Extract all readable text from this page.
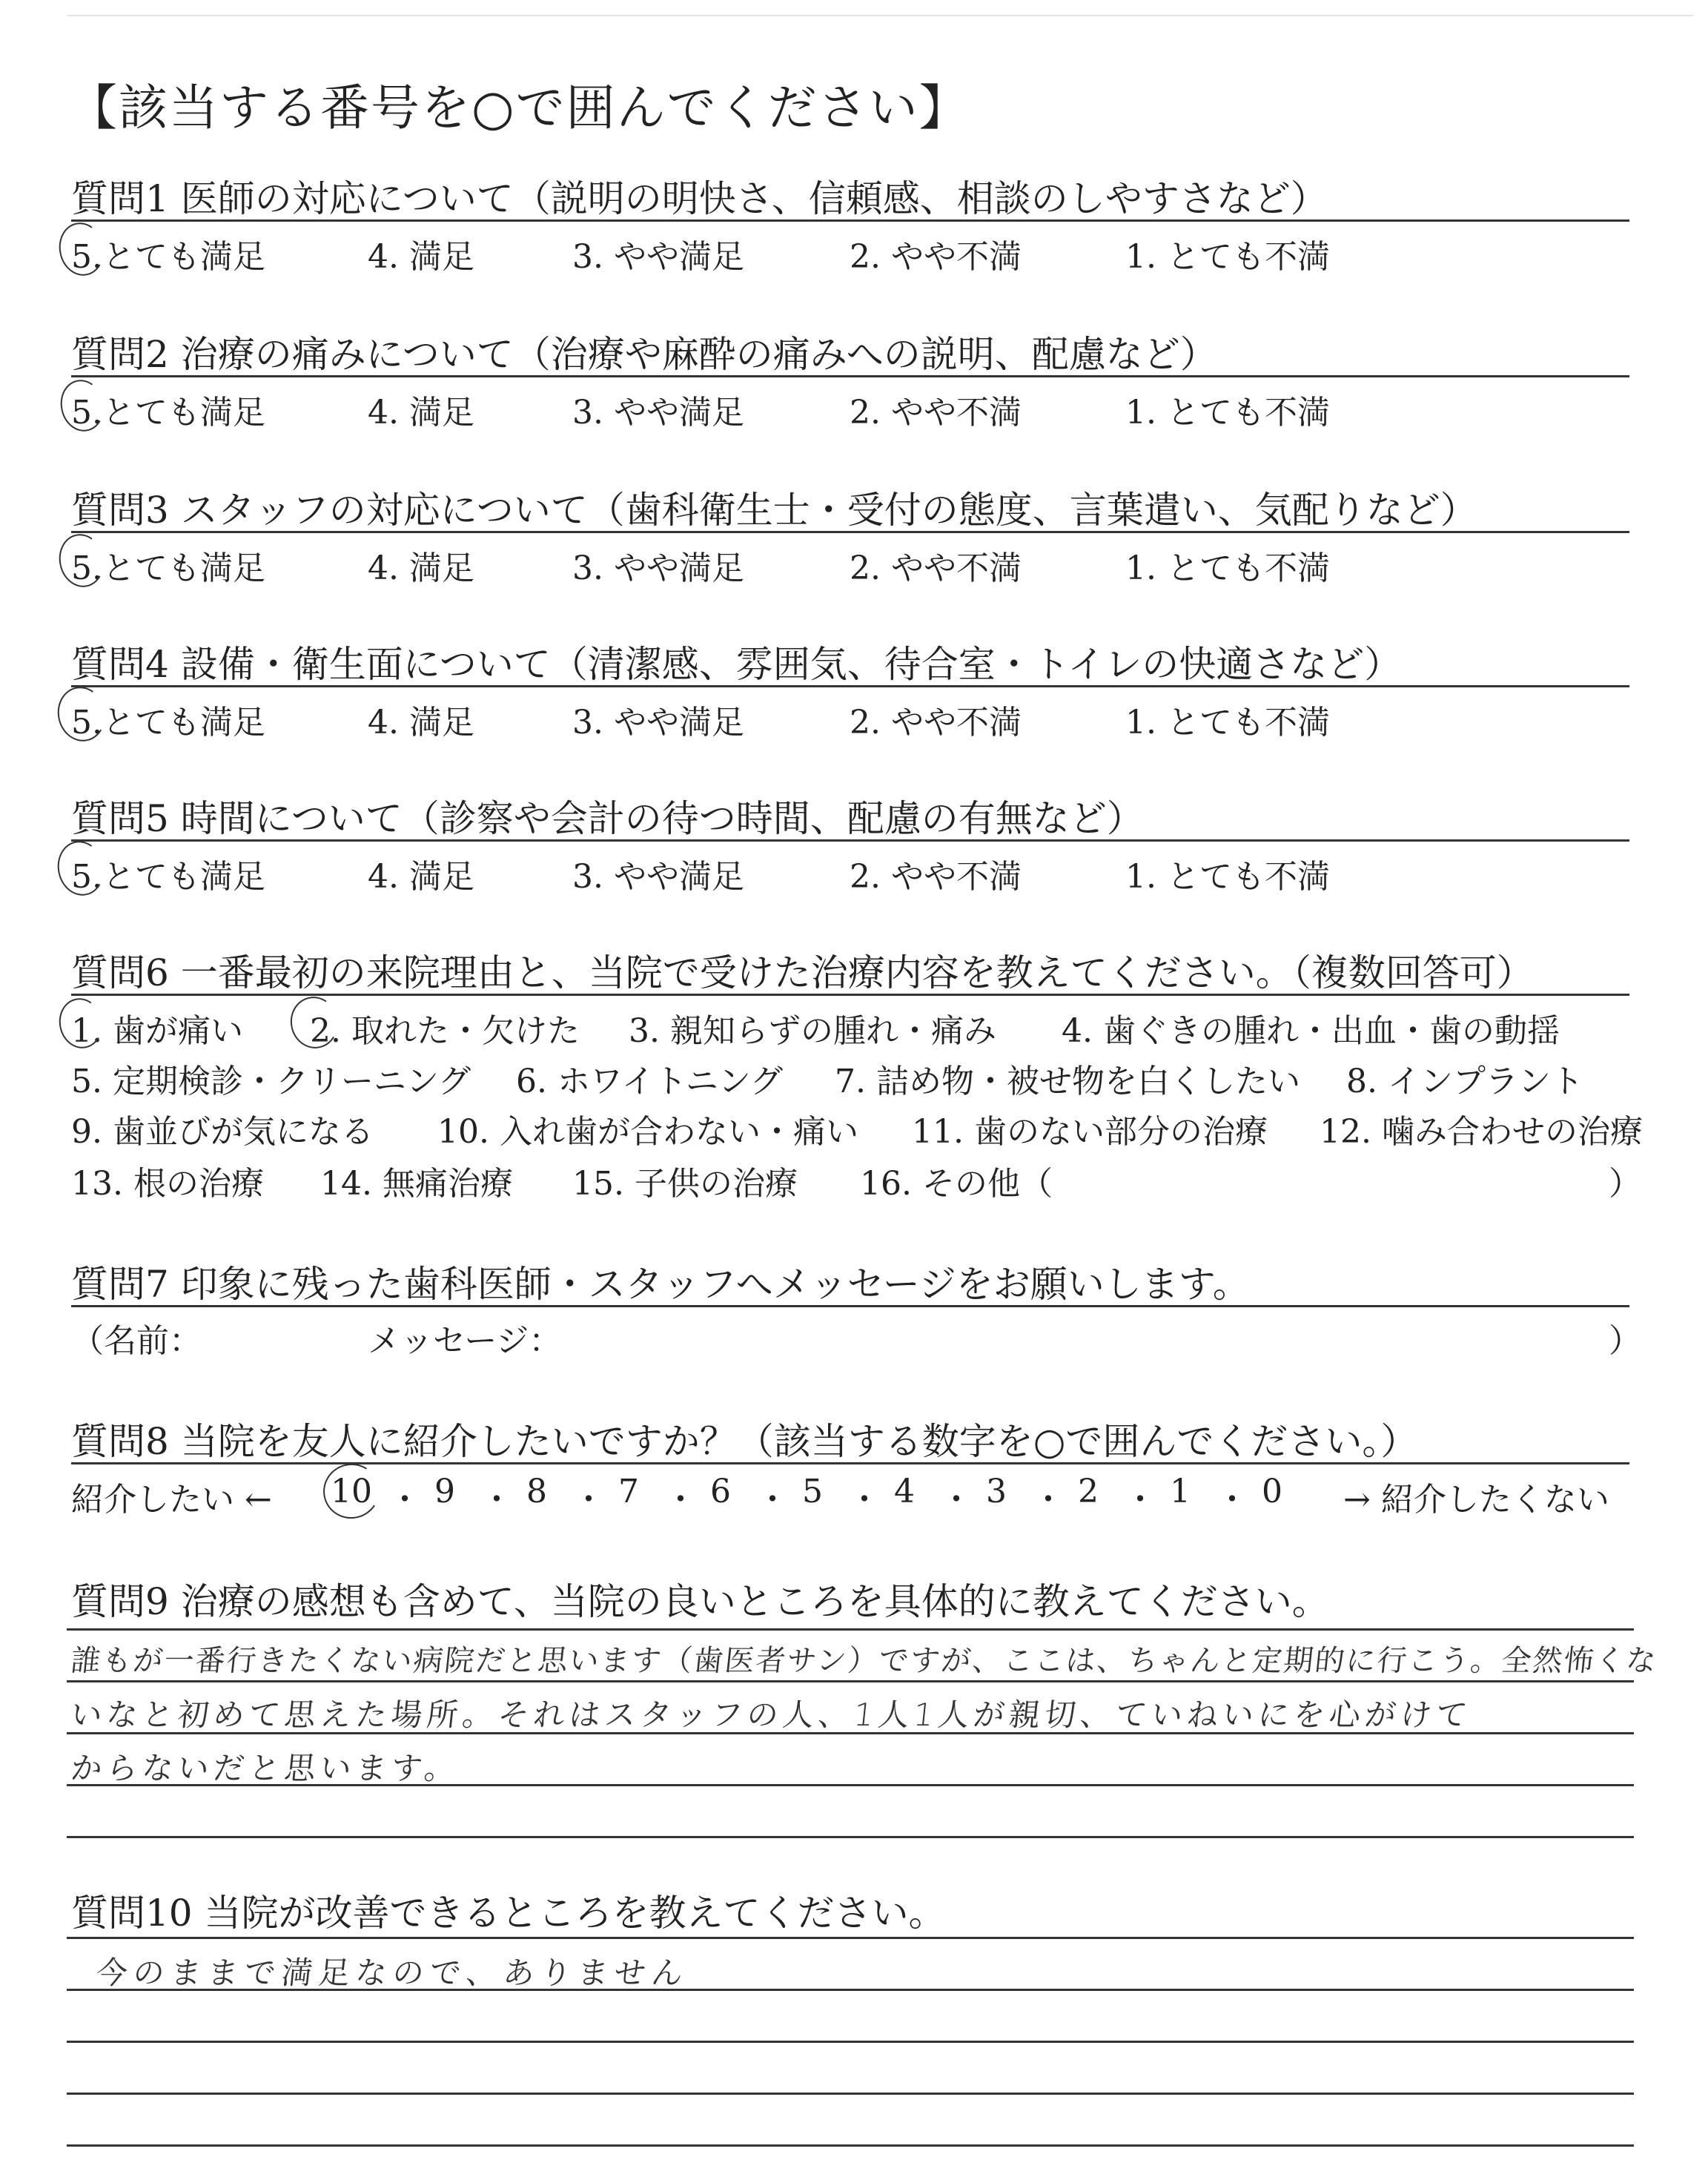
【該当する番号を○で囲んでください】
質問1 医師の対応について（説明の明快さ、信頼感、相談のしやすさなど）
5.とても満足	4. 満足	3. やや満足	2. やや不満	1. とても不満
質問2 治療の痛みについて（治療や麻酔の痛みへの説明、配慮など）
5.とても満足	4. 満足	3. やや満足	2. やや不満	1. とても不満
質問3 スタッフの対応について（歯科衛生士・受付の態度、言葉遣い、気配りなど）
5.とても満足	4. 満足	3. やや満足	2. やや不満	1. とても不満
質問4 設備・衛生面について（清潔感、雰囲気、待合室・トイレの快適さなど）
5.とても満足	4. 満足	3. やや満足	2. やや不満	1. とても不満
質問5 時間について（診察や会計の待つ時間、配慮の有無など）
5.とても満足	4. 満足	3. やや満足	2. やや不満	1. とても不満
質問6 一番最初の来院理由と、当院で受けた治療内容を教えてください。（複数回答可）
1. 歯が痛い 2. 取れた・欠けた 3. 親知らずの腫れ・痛み 4. 歯ぐきの腫れ・出血・歯の動揺
5. 定期検診・クリーニング 6. ホワイトニング 7. 詰め物・被せ物を白くしたい 8. インプラント
9. 歯並びが気になる 10. 入れ歯が合わない・痛い 11. 歯のない部分の治療 12. 噛み合わせの治療
13. 根の治療 14. 無痛治療 15. 子供の治療 16. その他（	）
質問7 印象に残った歯科医師・スタッフへメッセージをお願いします。
（名前：	メッセージ：	）
質問8 当院を友人に紹介したいですか？（該当する数字を○で囲んでください。）
紹介したい ← 10 ・ 9 ・ 8 ・ 7 ・ 6 ・ 5 ・ 4 ・ 3 ・ 2 ・ 1 ・ 0 → 紹介したくない
質問9 治療の感想も含めて、当院の良いところを具体的に教えてください。
誰もが一番行きたくない病院だと思います（歯医者サン）ですが、ここは、ちゃんと定期的に行こう。全然怖くな
いなと初めて思えた場所。それはスタッフの人、1人1人が親切、ていねいにを心がけて
からないだと思います。
質問10 当院が改善できるところを教えてください。
今のままで満足なので、ありません
